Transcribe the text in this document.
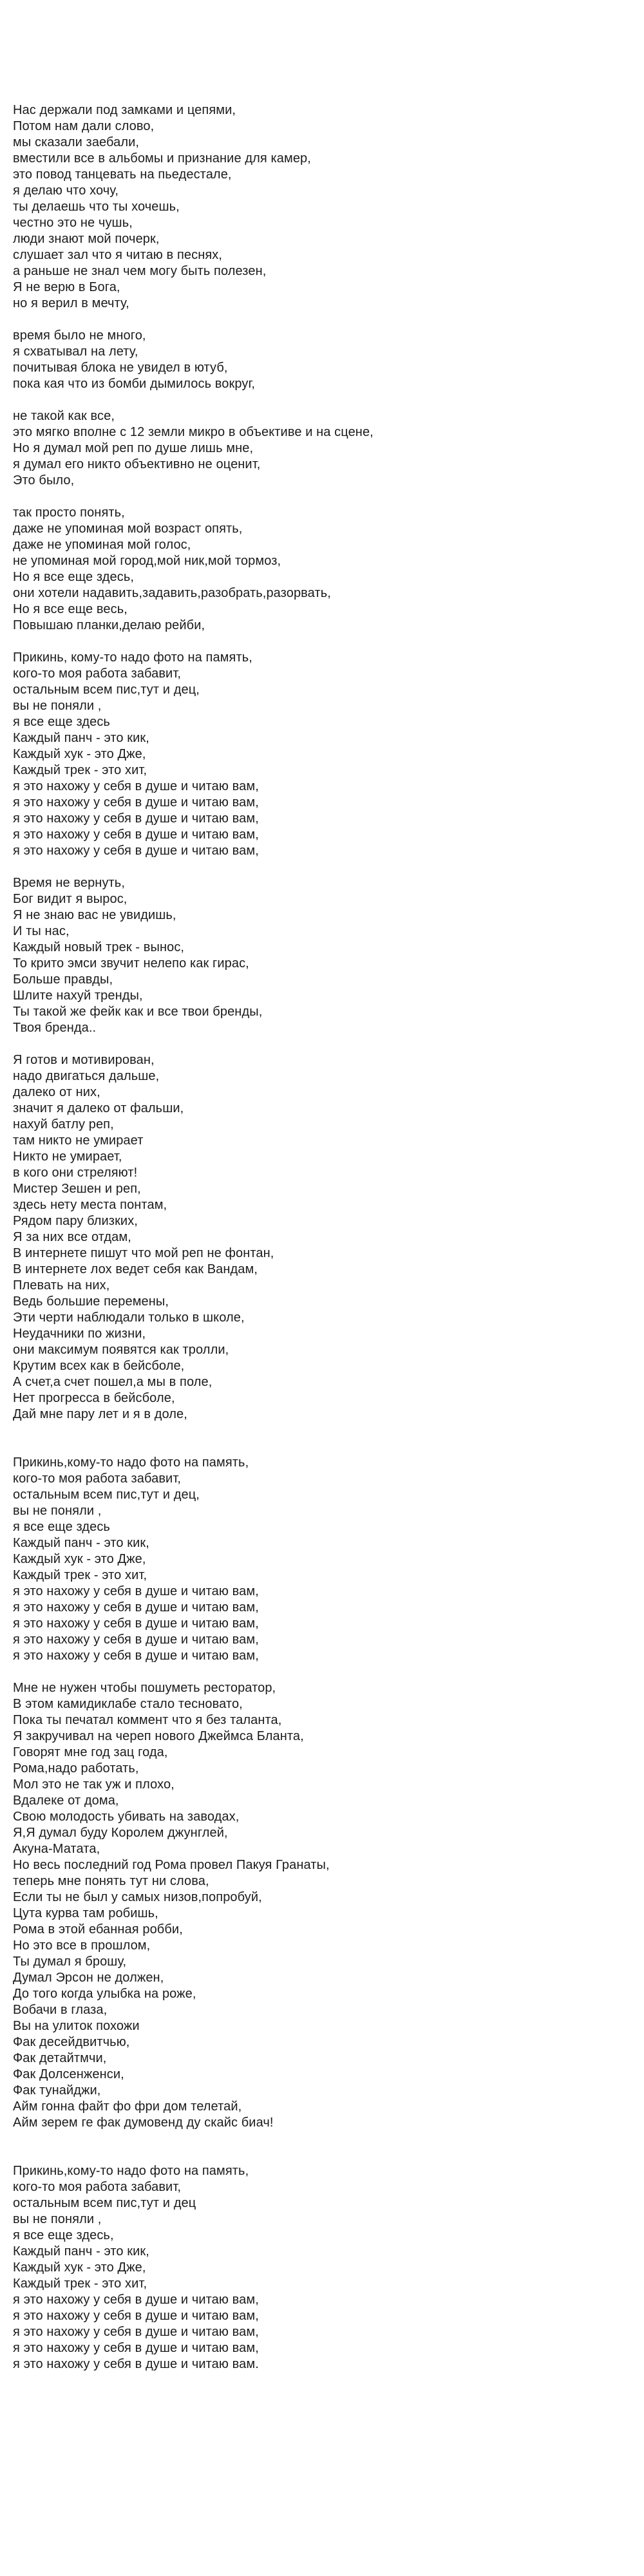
Нас держали под замками и цепями,
Потом нам дали слово,
мы сказали заебали,
вместили все в альбомы и признание для камер,
это повод танцевать на пьедестале,
я делаю что хочу,
ты делаешь что ты хочешь,
честно это не чушь,
люди знают мой почерк,
слушает зал что я читаю в песнях,
а раньше не знал чем могу быть полезен,
Я не верю в Бога,
но я верил в мечту,
время было не много,
я схватывал на лету,
почитывая блока не увидел в ютуб,
пока кая что из бомби дымилось вокруг,
не такой как все,
это мягко вполне с 12 земли микро в объективе и на сцене,
Но я думал мой реп по душе лишь мне,
я думал его никто объективно не оценит,
Это было,
так просто понять,
даже не упоминая мой возраст опять,
даже не упоминая мой голос,
не упоминая мой город,мой ник,мой тормоз,
Но я все еще здесь,
они хотели надавить,задавить,разобрать,разорвать,
Но я все еще весь,
Повышаю планки,делаю рейби,
Прикинь, кому-то надо фото на память,
кого-то моя работа забавит,
остальным всем пис,тут и дец,
вы не поняли ,
я все еще здесь
Каждый панч - это кик,
Каждый хук - это Дже,
Каждый трек - это хит,
я это нахожу у себя в душе и читаю вам,
я это нахожу у себя в душе и читаю вам,
я это нахожу у себя в душе и читаю вам,
я это нахожу у себя в душе и читаю вам,
я это нахожу у себя в душе и читаю вам,
Время не вернуть,
Бог видит я вырос,
Я не знаю вас не увидишь,
И ты нас,
Каждый новый трек - вынос,
То крито эмси звучит нелепо как гирас,
Больше правды,
Шлите нахуй тренды,
Ты такой же фейк как и все твои бренды,
Твоя бренда..
Я готов и мотивирован,
надо двигаться дальше,
далеко от них,
значит я далеко от фальши,
нахуй батлу реп,
там никто не умирает
Никто не умирает,
в кого они стреляют!
Мистер Зешен и реп,
здесь нету места понтам,
Рядом пару близких,
Я за них все отдам,
В интернете пишут что мой реп не фонтан,
В интернете лох ведет себя как Вандам,
Плевать на них,
Ведь большие перемены,
Эти черти наблюдали только в школе,
Неудачники по жизни,
они максимум появятся как тролли,
Крутим всех как в бейсболе,
А счет,а счет пошел,а мы в поле,
Нет прогресса в бейсболе,
Дай мне пару лет и я в доле,
Прикинь,кому-то надо фото на память,
кого-то моя работа забавит,
остальным всем пис,тут и дец,
вы не поняли ,
я все еще здесь
Каждый панч - это кик,
Каждый хук - это Дже,
Каждый трек - это хит,
я это нахожу у себя в душе и читаю вам,
я это нахожу у себя в душе и читаю вам,
я это нахожу у себя в душе и читаю вам,
я это нахожу у себя в душе и читаю вам,
я это нахожу у себя в душе и читаю вам,
Мне не нужен чтобы пошуметь ресторатор,
В этом камидиклабе стало тесновато,
Пока ты печатал коммент что я без таланта,
Я закручивал на череп нового Джеймса Бланта,
Говорят мне год зац года,
Рома,надо работать,
Мол это не так уж и плохо,
Вдалеке от дома,
Свою молодость убивать на заводах,
Я,Я думал буду Королем джунглей,
Акуна-Матата,
Но весь последний год Рома провел Пакуя Гранаты,
теперь мне понять тут ни слова,
Если ты не был у самых низов,попробуй,
Цута курва там робишь,
Рома в этой ебанная робби,
Но это все в прошлом,
Ты думал я брошу,
Думал Эрсон не должен,
До того когда улыбка на роже,
Вобачи в глаза,
Вы на улиток похожи
Фак десейдвитчью,
Фак детайтмчи,
Фак Долсенженси,
Фак тунайджи,
Айм гонна файт фо фри дом телетай,
Айм зерем ге фак думовенд ду скайс биач!
Прикинь,кому-то надо фото на память,
кого-то моя работа забавит,
остальным всем пис,тут и дец
вы не поняли ,
я все еще здесь,
Каждый панч - это кик,
Каждый хук - это Дже,
Каждый трек - это хит,
я это нахожу у себя в душе и читаю вам,
я это нахожу у себя в душе и читаю вам,
я это нахожу у себя в душе и читаю вам,
я это нахожу у себя в душе и читаю вам,
я это нахожу у себя в душе и читаю вам.
